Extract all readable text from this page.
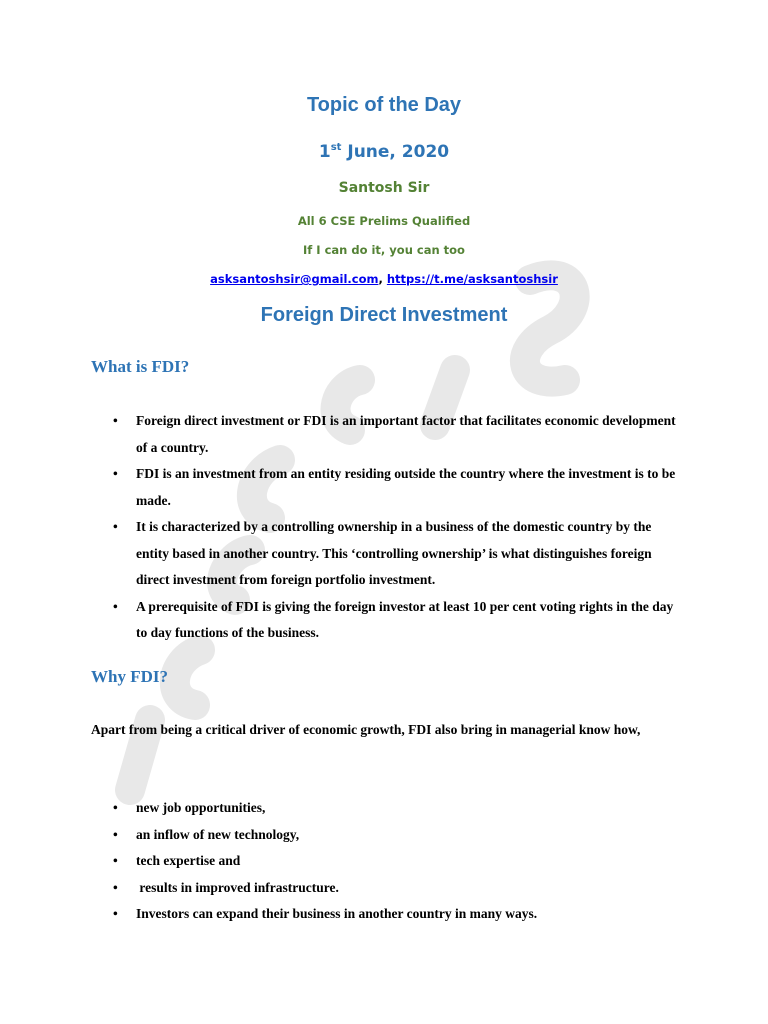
Topic of the Day
1st June, 2020
Santosh Sir
All 6 CSE Prelims Qualified
If I can do it, you can too
asksantoshsir@gmail.com, https://t.me/asksantoshsir
Foreign Direct Investment
What is FDI?
• Foreign direct investment or FDI is an important factor that facilitates economic development of a country.
• FDI is an investment from an entity residing outside the country where the investment is to be made.
• It is characterized by a controlling ownership in a business of the domestic country by the entity based in another country. This ‘controlling ownership’ is what distinguishes foreign direct investment from foreign portfolio investment.
• A prerequisite of FDI is giving the foreign investor at least 10 per cent voting rights in the day to day functions of the business.
Why FDI?
Apart from being a critical driver of economic growth, FDI also bring in managerial know how,
• new job opportunities,
• an inflow of new technology,
• tech expertise and
• results in improved infrastructure.
• Investors can expand their business in another country in many ways.
